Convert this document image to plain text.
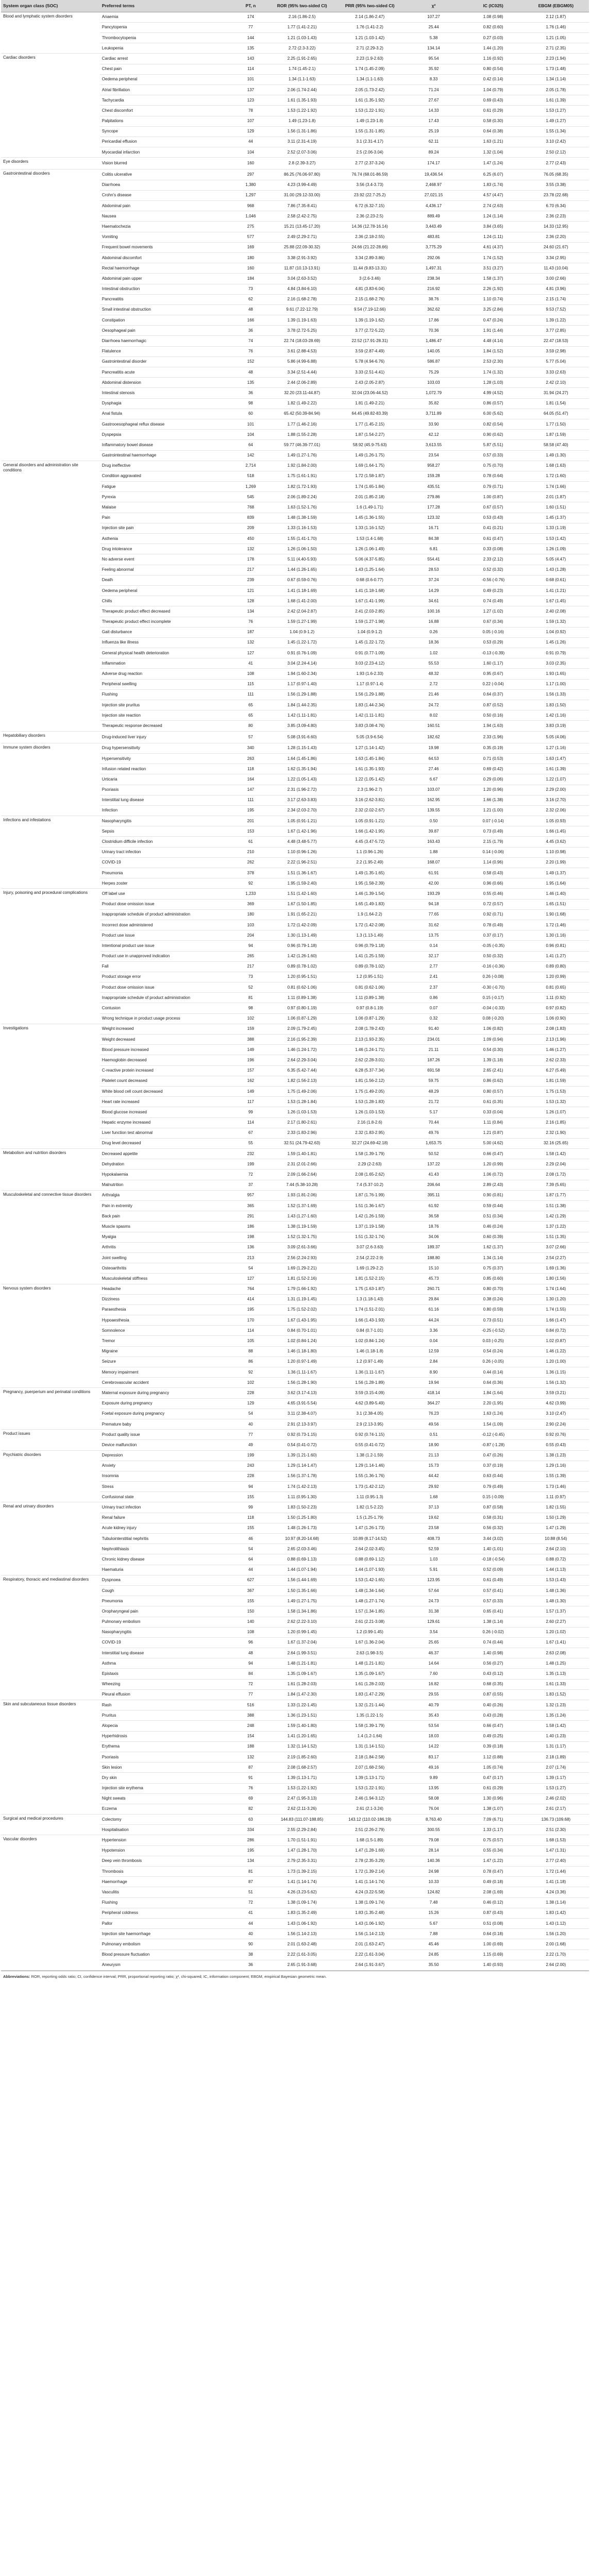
System organ class (SOC)	Preferred terms	PT, n	ROR (95% two-sided CI)	PRR (95% two-sided CI)	χ²	IC (IC025)	EBGM (EBGM05)
Blood and lymphatic system disorders	Anaemia	174	2.16 (1.86-2.5)	2.14 (1.86-2.47)	107.27	1.08 (0.98)	2.12 (1.87)
	Pancytopenia	77	1.77 (1.41-2.21)	1.76 (1.41-2.2)	25.44	0.82 (0.60)	1.76 (1.46)
	Thrombocytopenia	144	1.21 (1.03-1.43)	1.21 (1.03-1.42)	5.38	0.27 (0.03)	1.21 (1.05)
	Leukopenia	135	2.72 (2.3-3.22)	2.71 (2.29-3.2)	134.14	1.44 (1.20)	2.71 (2.35)
Cardiac disorders	Cardiac arrest	143	2.25 (1.91-2.65)	2.23 (1.9-2.63)	95.54	1.16 (0.92)	2.23 (1.94)
	Chest pain	114	1.74 (1.45-2.1)	1.74 (1.45-2.09)	35.92	0.80 (0.54)	1.73 (1.48)
	Oedema peripheral	101	1.34 (1.1-1.63)	1.34 (1.1-1.63)	8.33	0.42 (0.14)	1.34 (1.14)
	Atrial fibrillation	137	2.06 (1.74-2.44)	2.05 (1.73-2.42)	71.24	1.04 (0.79)	2.05 (1.78)
	Tachycardia	123	1.61 (1.35-1.93)	1.61 (1.35-1.92)	27.67	0.69 (0.43)	1.61 (1.39)
	Chest discomfort	78	1.53 (1.22-1.92)	1.53 (1.22-1.91)	14.33	0.61 (0.29)	1.53 (1.27)
	Palpitations	107	1.49 (1.23-1.8)	1.49 (1.23-1.8)	17.43	0.58 (0.30)	1.49 (1.27)
	Syncope	129	1.56 (1.31-1.86)	1.55 (1.31-1.85)	25.19	0.64 (0.38)	1.55 (1.34)
	Pericardial effusion	44	3.11 (2.31-4.19)	3.1 (2.31-4.17)	62.11	1.63 (1.21)	3.10 (2.42)
	Myocardial infarction	104	2.52 (2.07-3.06)	2.5 (2.06-3.04)	89.24	1.32 (1.04)	2.50 (2.12)
Eye disorders	Vision blurred	160	2.8 (2.39-3.27)	2.77 (2.37-3.24)	174.17	1.47 (1.24)	2.77 (2.43)
Gastrointestinal disorders	Colitis ulcerative	297	86.25 (76.06-97.80)	76.74 (68.01-86.59)	19,436.54	6.25 (6.07)	76.05 (68.35)
	Diarrhoea	1,380	4.23 (3.99-4.49)	3.56 (3.4-3.73)	2,468.97	1.83 (1.74)	3.55 (3.38)
	Crohn's disease	1,297	31.00 (29.12-33.00)	23.92 (22.7-25.2)	27,021.15	4.57 (4.47)	23.78 (22.68)
	Abdominal pain	968	7.86 (7.35-8.41)	6.72 (6.32-7.15)	4,436.17	2.74 (2.63)	6.70 (6.34)
	Nausea	1,046	2.58 (2.42-2.75)	2.36 (2.23-2.5)	889.49	1.24 (1.14)	2.36 (2.23)
	Haematochezia	275	15.21 (13.45-17.20)	14.36 (12.78-16.14)	3,443.49	3.84 (3.65)	14.33 (12.95)
	Vomiting	577	2.49 (2.29-2.71)	2.36 (2.18-2.55)	483.81	1.24 (1.11)	2.36 (2.20)
	Frequent bowel movements	169	25.88 (22.09-30.32)	24.66 (21.22-28.66)	3,775.29	4.61 (4.37)	24.60 (21.67)
	Abdominal discomfort	180	3.38 (2.91-3.92)	3.34 (2.89-3.86)	292.06	1.74 (1.52)	3.34 (2.95)
	Rectal haemorrhage	160	11.87 (10.13-13.91)	11.44 (9.83-13.31)	1,497.31	3.51 (3.27)	11.43 (10.04)
	Abdominal pain upper	184	3.04 (2.63-3.52)	3 (2.6-3.46)	238.34	1.58 (1.37)	3.00 (2.66)
	Intestinal obstruction	73	4.84 (3.84-6.10)	4.81 (3.83-6.04)	216.92	2.26 (1.92)	4.81 (3.96)
	Pancreatitis	62	2.16 (1.68-2.78)	2.15 (1.68-2.76)	38.76	1.10 (0.74)	2.15 (1.74)
	Small intestinal obstruction	48	9.61 (7.22-12.79)	9.54 (7.19-12.66)	362.62	3.25 (2.84)	9.53 (7.52)
	Constipation	166	1.39 (1.19-1.63)	1.39 (1.19-1.62)	17.86	0.47 (0.24)	1.39 (1.22)
	Oesophageal pain	36	3.78 (2.72-5.25)	3.77 (2.72-5.22)	70.36	1.91 (1.44)	3.77 (2.85)
	Diarrhoea haemorrhagic	74	22.74 (18.03-28.69)	22.52 (17.91-28.31)	1,486.47	4.48 (4.14)	22.47 (18.53)
	Flatulence	76	3.61 (2.88-4.53)	3.59 (2.87-4.49)	140.05	1.84 (1.52)	3.59 (2.98)
	Gastrointestinal disorder	152	5.86 (4.99-6.88)	5.78 (4.94-6.76)	586.87	2.53 (2.30)	5.77 (5.04)
	Pancreatitis acute	48	3.34 (2.51-4.44)	3.33 (2.51-4.41)	75.29	1.74 (1.32)	3.33 (2.63)
	Abdominal distension	135	2.44 (2.06-2.89)	2.43 (2.05-2.87)	103.03	1.28 (1.03)	2.42 (2.10)
	Intestinal stenosis	36	32.20 (23.11-44.87)	32.04 (23.06-44.52)	1,072.79	4.99 (4.52)	31.94 (24.27)
	Dysphagia	98	1.82 (1.49-2.22)	1.81 (1.49-2.21)	35.82	0.86 (0.57)	1.81 (1.54)
	Anal fistula	60	65.42 (50.39-84.94)	64.45 (49.82-83.39)	3,711.89	6.00 (5.62)	64.05 (51.47)
	Gastrooesophageal reflux disease	101	1.77 (1.46-2.16)	1.77 (1.45-2.15)	33.90	0.82 (0.54)	1.77 (1.50)
	Dyspepsia	104	1.88 (1.55-2.28)	1.87 (1.54-2.27)	42.12	0.90 (0.62)	1.87 (1.59)
	Inflammatory bowel disease	64	59.77 (46.39-77.01)	58.92 (45.9-75.63)	3,613.55	5.87 (5.51)	58.58 (47.40)
	Gastrointestinal haemorrhage	142	1.49 (1.27-1.76)	1.49 (1.26-1.75)	23.54	0.57 (0.33)	1.49 (1.30)
General disorders and administration site conditions	Drug ineffective	2,714	1.92 (1.84-2.00)	1.69 (1.64-1.75)	958.27	0.75 (0.70)	1.68 (1.63)
	Condition aggravated	518	1.75 (1.61-1.91)	1.72 (1.58-1.87)	159.28	0.78 (0.64)	1.72 (1.60)
	Fatigue	1,269	1.82 (1.72-1.93)	1.74 (1.65-1.84)	435.51	0.79 (0.71)	1.74 (1.66)
	Pyrexia	545	2.06 (1.89-2.24)	2.01 (1.85-2.18)	279.86	1.00 (0.87)	2.01 (1.87)
	Malaise	768	1.63 (1.52-1.76)	1.6 (1.49-1.71)	177.28	0.67 (0.57)	1.60 (1.51)
	Pain	839	1.48 (1.38-1.59)	1.45 (1.36-1.55)	123.32	0.53 (0.43)	1.45 (1.37)
	Injection site pain	209	1.33 (1.16-1.53)	1.33 (1.16-1.52)	16.71	0.41 (0.21)	1.33 (1.19)
	Asthenia	450	1.55 (1.41-1.70)	1.53 (1.4-1.68)	84.38	0.61 (0.47)	1.53 (1.42)
	Drug intolerance	132	1.26 (1.06-1.50)	1.26 (1.06-1.49)	6.81	0.33 (0.08)	1.26 (1.09)
	No adverse event	178	5.11 (4.40-5.93)	5.06 (4.37-5.85)	554.41	2.33 (2.12)	5.05 (4.47)
	Feeling abnormal	217	1.44 (1.26-1.65)	1.43 (1.25-1.64)	28.53	0.52 (0.32)	1.43 (1.28)
	Death	239	0.67 (0.59-0.76)	0.68 (0.6-0.77)	37.24	-0.56 (-0.76)	0.68 (0.61)
	Oedema peripheral	121	1.41 (1.18-1.69)	1.41 (1.18-1.68)	14.29	0.49 (0.23)	1.41 (1.21)
	Chills	128	1.68 (1.41-2.00)	1.67 (1.41-1.99)	34.61	0.74 (0.49)	1.67 (1.45)
	Therapeutic product effect decreased	134	2.42 (2.04-2.87)	2.41 (2.03-2.85)	100.16	1.27 (1.02)	2.40 (2.08)
	Therapeutic product effect incomplete	76	1.59 (1.27-1.99)	1.59 (1.27-1.98)	16.88	0.67 (0.34)	1.59 (1.32)
	Gait disturbance	187	1.04 (0.9-1.2)	1.04 (0.9-1.2)	0.26	0.05 (-0.16)	1.04 (0.92)
	Influenza like illness	132	1.45 (1.22-1.72)	1.45 (1.22-1.72)	18.36	0.53 (0.29)	1.45 (1.26)
	General physical health deterioration	127	0.91 (0.76-1.09)	0.91 (0.77-1.09)	1.02	-0.13 (-0.39)	0.91 (0.79)
	Inflammation	41	3.04 (2.24-4.14)	3.03 (2.23-4.12)	55.53	1.60 (1.17)	3.03 (2.35)
	Adverse drug reaction	108	1.94 (1.60-2.34)	1.93 (1.6-2.33)	48.32	0.95 (0.67)	1.93 (1.65)
	Peripheral swelling	115	1.17 (0.97-1.40)	1.17 (0.97-1.4)	2.72	0.22 (-0.04)	1.17 (1.00)
	Flushing	111	1.56 (1.29-1.88)	1.56 (1.29-1.88)	21.46	0.64 (0.37)	1.56 (1.33)
	Injection site pruritus	65	1.84 (1.44-2.35)	1.83 (1.44-2.34)	24.72	0.87 (0.52)	1.83 (1.50)
	Injection site reaction	65	1.42 (1.11-1.81)	1.42 (1.11-1.81)	8.02	0.50 (0.16)	1.42 (1.16)
	Therapeutic response decreased	80	3.85 (3.09-4.80)	3.83 (3.08-4.76)	160.51	1.94 (1.63)	3.83 (3.19)
Hepatobiliary disorders	Drug-induced liver injury	57	5.08 (3.91-6.60)	5.05 (3.9-6.54)	182.62	2.33 (1.96)	5.05 (4.06)
Immune system disorders	Drug hypersensitivity	340	1.28 (1.15-1.43)	1.27 (1.14-1.42)	19.98	0.35 (0.19)	1.27 (1.16)
	Hypersensitivity	263	1.64 (1.45-1.86)	1.63 (1.45-1.84)	64.53	0.71 (0.53)	1.63 (1.47)
	Infusion related reaction	118	1.62 (1.35-1.94)	1.61 (1.35-1.93)	27.46	0.69 (0.42)	1.61 (1.39)
	Urticaria	164	1.22 (1.05-1.43)	1.22 (1.05-1.42)	6.67	0.29 (0.06)	1.22 (1.07)
	Psoriasis	147	2.31 (1.96-2.72)	2.3 (1.96-2.7)	103.07	1.20 (0.96)	2.29 (2.00)
	Interstitial lung disease	111	3.17 (2.63-3.83)	3.16 (2.62-3.81)	162.95	1.66 (1.38)	3.16 (2.70)
	Infection	195	2.34 (2.03-2.70)	2.32 (2.02-2.67)	139.55	1.21 (1.00)	2.32 (2.06)
Infections and infestations	Nasopharyngitis	201	1.05 (0.91-1.21)	1.05 (0.91-1.21)	0.50	0.07 (-0.14)	1.05 (0.93)
	Sepsis	153	1.67 (1.42-1.96)	1.66 (1.42-1.95)	39.87	0.73 (0.49)	1.66 (1.45)
	Clostridium difficile infection	61	4.48 (3.48-5.77)	4.45 (3.47-5.72)	163.43	2.15 (1.79)	4.45 (3.62)
	Urinary tract infection	210	1.10 (0.96-1.26)	1.1 (0.96-1.26)	1.88	0.14 (-0.06)	1.10 (0.98)
	COVID-19	262	2.22 (1.96-2.51)	2.2 (1.95-2.49)	168.07	1.14 (0.96)	2.20 (1.99)
	Pneumonia	378	1.51 (1.36-1.67)	1.49 (1.35-1.65)	61.91	0.58 (0.43)	1.49 (1.37)
	Herpes zoster	92	1.95 (1.59-2.40)	1.95 (1.58-2.39)	42.00	0.96 (0.66)	1.95 (1.64)
Injury, poisoning and procedural complications	Off label use	1,233	1.51 (1.42-1.60)	1.46 (1.39-1.54)	193.29	0.55 (0.46)	1.46 (1.40)
	Product dose omission issue	369	1.67 (1.50-1.85)	1.65 (1.49-1.83)	94.18	0.72 (0.57)	1.65 (1.51)
	Inappropriate schedule of product administration	180	1.91 (1.65-2.21)	1.9 (1.64-2.2)	77.65	0.92 (0.71)	1.90 (1.68)
	Incorrect dose administered	103	1.72 (1.42-2.09)	1.72 (1.42-2.08)	31.62	0.78 (0.49)	1.72 (1.46)
	Product use issue	204	1.30 (1.13-1.49)	1.3 (1.13-1.49)	13.75	0.37 (0.17)	1.30 (1.16)
	Intentional product use issue	94	0.96 (0.79-1.18)	0.96 (0.79-1.18)	0.14	-0.05 (-0.35)	0.96 (0.81)
	Product use in unapproved indication	265	1.42 (1.26-1.60)	1.41 (1.25-1.59)	32.17	0.50 (0.32)	1.41 (1.27)
	Fall	217	0.89 (0.78-1.02)	0.89 (0.78-1.02)	2.77	-0.16 (-0.36)	0.89 (0.80)
	Product storage error	73	1.20 (0.95-1.51)	1.2 (0.95-1.51)	2.41	0.26 (-0.08)	1.20 (0.99)
	Product dose omission issue	52	0.81 (0.62-1.06)	0.81 (0.62-1.06)	2.37	-0.30 (-0.70)	0.81 (0.65)
	Inappropriate schedule of product administration	81	1.11 (0.89-1.38)	1.11 (0.89-1.38)	0.86	0.15 (-0.17)	1.11 (0.92)
	Contusion	98	0.97 (0.80-1.19)	0.97 (0.8-1.19)	0.07	-0.04 (-0.33)	0.97 (0.82)
	Wrong technique in product usage process	102	1.06 (0.87-1.29)	1.06 (0.87-1.29)	0.32	0.08 (-0.20)	1.06 (0.90)
Investigations	Weight increased	159	2.09 (1.79-2.45)	2.08 (1.78-2.43)	91.40	1.06 (0.82)	2.08 (1.83)
	Weight decreased	388	2.16 (1.95-2.39)	2.13 (1.93-2.35)	234.01	1.09 (0.94)	2.13 (1.96)
	Blood pressure increased	149	1.46 (1.24-1.72)	1.46 (1.24-1.71)	21.11	0.54 (0.30)	1.46 (1.27)
	Haemoglobin decreased	196	2.64 (2.29-3.04)	2.62 (2.28-3.01)	187.26	1.39 (1.18)	2.62 (2.33)
	C-reactive protein increased	157	6.35 (5.42-7.44)	6.28 (5.37-7.34)	691.58	2.65 (2.41)	6.27 (5.49)
	Platelet count decreased	162	1.82 (1.56-2.13)	1.81 (1.56-2.12)	59.75	0.86 (0.62)	1.81 (1.59)
	White blood cell count decreased	149	1.75 (1.49-2.06)	1.75 (1.49-2.05)	48.29	0.80 (0.57)	1.75 (1.53)
	Heart rate increased	117	1.53 (1.28-1.84)	1.53 (1.28-1.83)	21.72	0.61 (0.35)	1.53 (1.32)
	Blood glucose increased	99	1.26 (1.03-1.53)	1.26 (1.03-1.53)	5.17	0.33 (0.04)	1.26 (1.07)
	Hepatic enzyme increased	114	2.17 (1.80-2.61)	2.16 (1.8-2.6)	70.44	1.11 (0.84)	2.16 (1.85)
	Liver function test abnormal	67	2.33 (1.83-2.96)	2.32 (1.83-2.95)	49.76	1.21 (0.87)	2.32 (1.90)
	Drug level decreased	55	32.51 (24.79-42.63)	32.27 (24.69-42.18)	1,653.75	5.00 (4.62)	32.16 (25.65)
Metabolism and nutrition disorders	Decreased appetite	232	1.59 (1.40-1.81)	1.58 (1.39-1.79)	50.52	0.66 (0.47)	1.58 (1.42)
	Dehydration	199	2.31 (2.01-2.66)	2.29 (2-2.63)	137.22	1.20 (0.99)	2.29 (2.04)
	Hypokalaemia	72	2.09 (1.66-2.64)	2.08 (1.65-2.62)	41.43	1.06 (0.72)	2.08 (1.72)
	Malnutrition	37	7.44 (5.38-10.28)	7.4 (5.37-10.2)	206.64	2.89 (2.43)	7.39 (5.65)
Musculoskeletal and connective tissue disorders	Arthralgia	957	1.93 (1.81-2.06)	1.87 (1.76-1.99)	395.11	0.90 (0.81)	1.87 (1.77)
	Pain in extremity	365	1.52 (1.37-1.69)	1.51 (1.36-1.67)	61.92	0.59 (0.44)	1.51 (1.38)
	Back pain	291	1.43 (1.27-1.60)	1.42 (1.26-1.59)	36.58	0.51 (0.34)	1.42 (1.29)
	Muscle spasms	186	1.38 (1.19-1.59)	1.37 (1.19-1.58)	18.76	0.46 (0.24)	1.37 (1.22)
	Myalgia	198	1.52 (1.32-1.75)	1.51 (1.32-1.74)	34.06	0.60 (0.39)	1.51 (1.35)
	Arthritis	136	3.09 (2.61-3.66)	3.07 (2.6-3.63)	189.37	1.62 (1.37)	3.07 (2.66)
	Joint swelling	213	2.56 (2.24-2.93)	2.54 (2.22-2.9)	188.80	1.34 (1.14)	2.54 (2.27)
	Osteoarthritis	54	1.69 (1.29-2.21)	1.69 (1.29-2.2)	15.10	0.75 (0.37)	1.69 (1.36)
	Musculoskeletal stiffness	127	1.81 (1.52-2.16)	1.81 (1.52-2.15)	45.73	0.85 (0.60)	1.80 (1.56)
Nervous system disorders	Headache	764	1.79 (1.66-1.92)	1.75 (1.63-1.87)	260.71	0.80 (0.70)	1.74 (1.64)
	Dizziness	414	1.31 (1.19-1.45)	1.3 (1.18-1.43)	29.84	0.38 (0.24)	1.30 (1.20)
	Paraesthesia	195	1.75 (1.52-2.02)	1.74 (1.51-2.01)	61.16	0.80 (0.59)	1.74 (1.55)
	Hypoaesthesia	170	1.67 (1.43-1.95)	1.66 (1.43-1.93)	44.24	0.73 (0.51)	1.66 (1.47)
	Somnolence	114	0.84 (0.70-1.01)	0.84 (0.7-1.01)	3.36	-0.25 (-0.52)	0.84 (0.72)
	Tremor	105	1.02 (0.84-1.24)	1.02 (0.84-1.24)	0.04	0.03 (-0.25)	1.02 (0.87)
	Migraine	88	1.46 (1.18-1.80)	1.46 (1.18-1.8)	12.59	0.54 (0.24)	1.46 (1.22)
	Seizure	86	1.20 (0.97-1.49)	1.2 (0.97-1.49)	2.84	0.26 (-0.05)	1.20 (1.00)
	Memory impairment	92	1.36 (1.11-1.67)	1.36 (1.11-1.67)	8.90	0.44 (0.14)	1.36 (1.15)
	Cerebrovascular accident	102	1.56 (1.28-1.90)	1.56 (1.28-1.89)	19.94	0.64 (0.36)	1.56 (1.32)
Pregnancy, puerperium and perinatal conditions	Maternal exposure during pregnancy	228	3.62 (3.17-4.13)	3.59 (3.15-4.09)	418.14	1.84 (1.64)	3.59 (3.21)
	Exposure during pregnancy	129	4.65 (3.91-5.54)	4.62 (3.89-5.49)	364.27	2.20 (1.95)	4.62 (3.99)
	Foetal exposure during pregnancy	54	3.11 (2.38-4.07)	3.1 (2.38-4.05)	76.23	1.63 (1.24)	3.10 (2.47)
	Premature baby	40	2.91 (2.13-3.97)	2.9 (2.13-3.95)	49.56	1.54 (1.09)	2.90 (2.24)
Product issues	Product quality issue	77	0.92 (0.73-1.15)	0.92 (0.74-1.15)	0.51	-0.12 (-0.45)	0.92 (0.76)
	Device malfunction	49	0.54 (0.41-0.72)	0.55 (0.41-0.72)	18.90	-0.87 (-1.28)	0.55 (0.43)
Psychiatric disorders	Depression	199	1.39 (1.21-1.60)	1.38 (1.2-1.59)	21.13	0.47 (0.26)	1.38 (1.23)
	Anxiety	243	1.29 (1.14-1.47)	1.29 (1.14-1.46)	15.73	0.37 (0.19)	1.29 (1.16)
	Insomnia	228	1.56 (1.37-1.78)	1.55 (1.36-1.76)	44.42	0.63 (0.44)	1.55 (1.39)
	Stress	94	1.74 (1.42-2.13)	1.73 (1.42-2.12)	29.92	0.79 (0.49)	1.73 (1.46)
	Confusional state	155	1.11 (0.95-1.30)	1.11 (0.95-1.3)	1.68	0.15 (-0.09)	1.11 (0.97)
Renal and urinary disorders	Urinary tract infection	99	1.83 (1.50-2.23)	1.82 (1.5-2.22)	37.13	0.87 (0.58)	1.82 (1.55)
	Renal failure	118	1.50 (1.25-1.80)	1.5 (1.25-1.79)	19.62	0.58 (0.31)	1.50 (1.29)
	Acute kidney injury	155	1.48 (1.26-1.73)	1.47 (1.26-1.73)	23.58	0.56 (0.32)	1.47 (1.29)
	Tubulointerstitial nephritis	46	10.97 (8.20-14.68)	10.89 (8.17-14.52)	408.73	3.44 (3.02)	10.88 (8.54)
	Nephrolithiasis	54	2.65 (2.03-3.46)	2.64 (2.02-3.45)	52.59	1.40 (1.01)	2.64 (2.10)
	Chronic kidney disease	64	0.88 (0.69-1.13)	0.88 (0.69-1.12)	1.03	-0.18 (-0.54)	0.88 (0.72)
	Haematuria	44	1.44 (1.07-1.94)	1.44 (1.07-1.93)	5.91	0.52 (0.09)	1.44 (1.13)
Respiratory, thoracic and mediastinal disorders	Dyspnoea	627	1.56 (1.44-1.69)	1.53 (1.42-1.65)	123.95	0.61 (0.49)	1.53 (1.43)
	Cough	367	1.50 (1.35-1.66)	1.48 (1.34-1.64)	57.64	0.57 (0.41)	1.48 (1.36)
	Pneumonia	155	1.49 (1.27-1.75)	1.48 (1.27-1.74)	24.73	0.57 (0.33)	1.48 (1.30)
	Oropharyngeal pain	150	1.58 (1.34-1.86)	1.57 (1.34-1.85)	31.38	0.65 (0.41)	1.57 (1.37)
	Pulmonary embolism	140	2.62 (2.22-3.10)	2.61 (2.21-3.08)	129.61	1.38 (1.14)	2.60 (2.27)
	Nasopharyngitis	108	1.20 (0.99-1.45)	1.2 (0.99-1.45)	3.54	0.26 (-0.02)	1.20 (1.02)
	COVID-19	96	1.67 (1.37-2.04)	1.67 (1.36-2.04)	25.65	0.74 (0.44)	1.67 (1.41)
	Interstitial lung disease	48	2.64 (1.99-3.51)	2.63 (1.98-3.5)	46.37	1.40 (0.98)	2.63 (2.08)
	Asthma	94	1.48 (1.21-1.81)	1.48 (1.21-1.81)	14.64	0.56 (0.27)	1.48 (1.25)
	Epistaxis	84	1.35 (1.09-1.67)	1.35 (1.09-1.67)	7.60	0.43 (0.12)	1.35 (1.13)
	Wheezing	72	1.61 (1.28-2.03)	1.61 (1.28-2.03)	16.82	0.68 (0.35)	1.61 (1.33)
	Pleural effusion	77	1.84 (1.47-2.30)	1.83 (1.47-2.29)	29.55	0.87 (0.55)	1.83 (1.52)
Skin and subcutaneous tissue disorders	Rash	516	1.33 (1.22-1.45)	1.32 (1.21-1.44)	40.79	0.40 (0.26)	1.32 (1.23)
	Pruritus	388	1.36 (1.23-1.51)	1.35 (1.22-1.5)	35.43	0.43 (0.28)	1.35 (1.24)
	Alopecia	248	1.59 (1.40-1.80)	1.58 (1.39-1.79)	53.54	0.66 (0.47)	1.58 (1.42)
	Hyperhidrosis	154	1.41 (1.20-1.65)	1.4 (1.2-1.64)	18.03	0.49 (0.25)	1.40 (1.23)
	Erythema	188	1.32 (1.14-1.52)	1.31 (1.14-1.51)	14.22	0.39 (0.18)	1.31 (1.17)
	Psoriasis	132	2.19 (1.85-2.60)	2.18 (1.84-2.58)	83.17	1.12 (0.88)	2.18 (1.89)
	Skin lesion	87	2.08 (1.68-2.57)	2.07 (1.68-2.56)	49.16	1.05 (0.74)	2.07 (1.74)
	Dry skin	91	1.39 (1.13-1.71)	1.39 (1.13-1.71)	9.89	0.47 (0.17)	1.39 (1.17)
	Injection site erythema	76	1.53 (1.22-1.92)	1.53 (1.22-1.91)	13.95	0.61 (0.29)	1.53 (1.27)
	Night sweats	69	2.47 (1.95-3.13)	2.46 (1.94-3.12)	58.08	1.30 (0.96)	2.46 (2.02)
	Eczema	82	2.62 (2.11-3.26)	2.61 (2.1-3.24)	76.04	1.38 (1.07)	2.61 (2.17)
Surgical and medical procedures	Colectomy	63	144.83 (111.07-188.85)	143.12 (110.02-186.19)	8,763.40	7.09 (6.71)	136.73 (109.68)
	Hospitalisation	334	2.55 (2.29-2.84)	2.51 (2.26-2.79)	300.55	1.33 (1.17)	2.51 (2.30)
Vascular disorders	Hypertension	286	1.70 (1.51-1.91)	1.68 (1.5-1.89)	79.08	0.75 (0.57)	1.68 (1.53)
	Hypotension	195	1.47 (1.28-1.70)	1.47 (1.28-1.69)	28.14	0.55 (0.34)	1.47 (1.31)
	Deep vein thrombosis	134	2.79 (2.35-3.31)	2.78 (2.35-3.29)	140.36	1.47 (1.22)	2.77 (2.40)
	Thrombosis	81	1.73 (1.39-2.15)	1.72 (1.39-2.14)	24.98	0.78 (0.47)	1.72 (1.44)
	Haemorrhage	87	1.41 (1.14-1.74)	1.41 (1.14-1.74)	10.33	0.49 (0.18)	1.41 (1.18)
	Vasculitis	51	4.26 (3.23-5.62)	4.24 (3.22-5.58)	124.82	2.08 (1.69)	4.24 (3.36)
	Flushing	72	1.38 (1.09-1.74)	1.38 (1.09-1.74)	7.48	0.46 (0.12)	1.38 (1.14)
	Peripheral coldness	41	1.83 (1.35-2.49)	1.83 (1.35-2.48)	15.26	0.87 (0.43)	1.83 (1.42)
	Pallor	44	1.43 (1.06-1.92)	1.43 (1.06-1.92)	5.67	0.51 (0.08)	1.43 (1.12)
	Injection site haemorrhage	40	1.56 (1.14-2.13)	1.56 (1.14-2.13)	7.88	0.64 (0.18)	1.56 (1.20)
	Pulmonary embolism	90	2.01 (1.63-2.48)	2.01 (1.63-2.47)	45.46	1.00 (0.69)	2.00 (1.68)
	Blood pressure fluctuation	38	2.22 (1.61-3.05)	2.22 (1.61-3.04)	24.85	1.15 (0.69)	2.22 (1.70)
	Aneurysm	36	2.65 (1.91-3.68)	2.64 (1.91-3.67)	35.50	1.40 (0.93)	2.64 (2.00)
Abbreviations: ROR, reporting odds ratio; CI, confidence interval; PRR, proportional reporting ratio; χ², chi-squared; IC, information component; EBGM, empirical Bayesian geometric mean.
